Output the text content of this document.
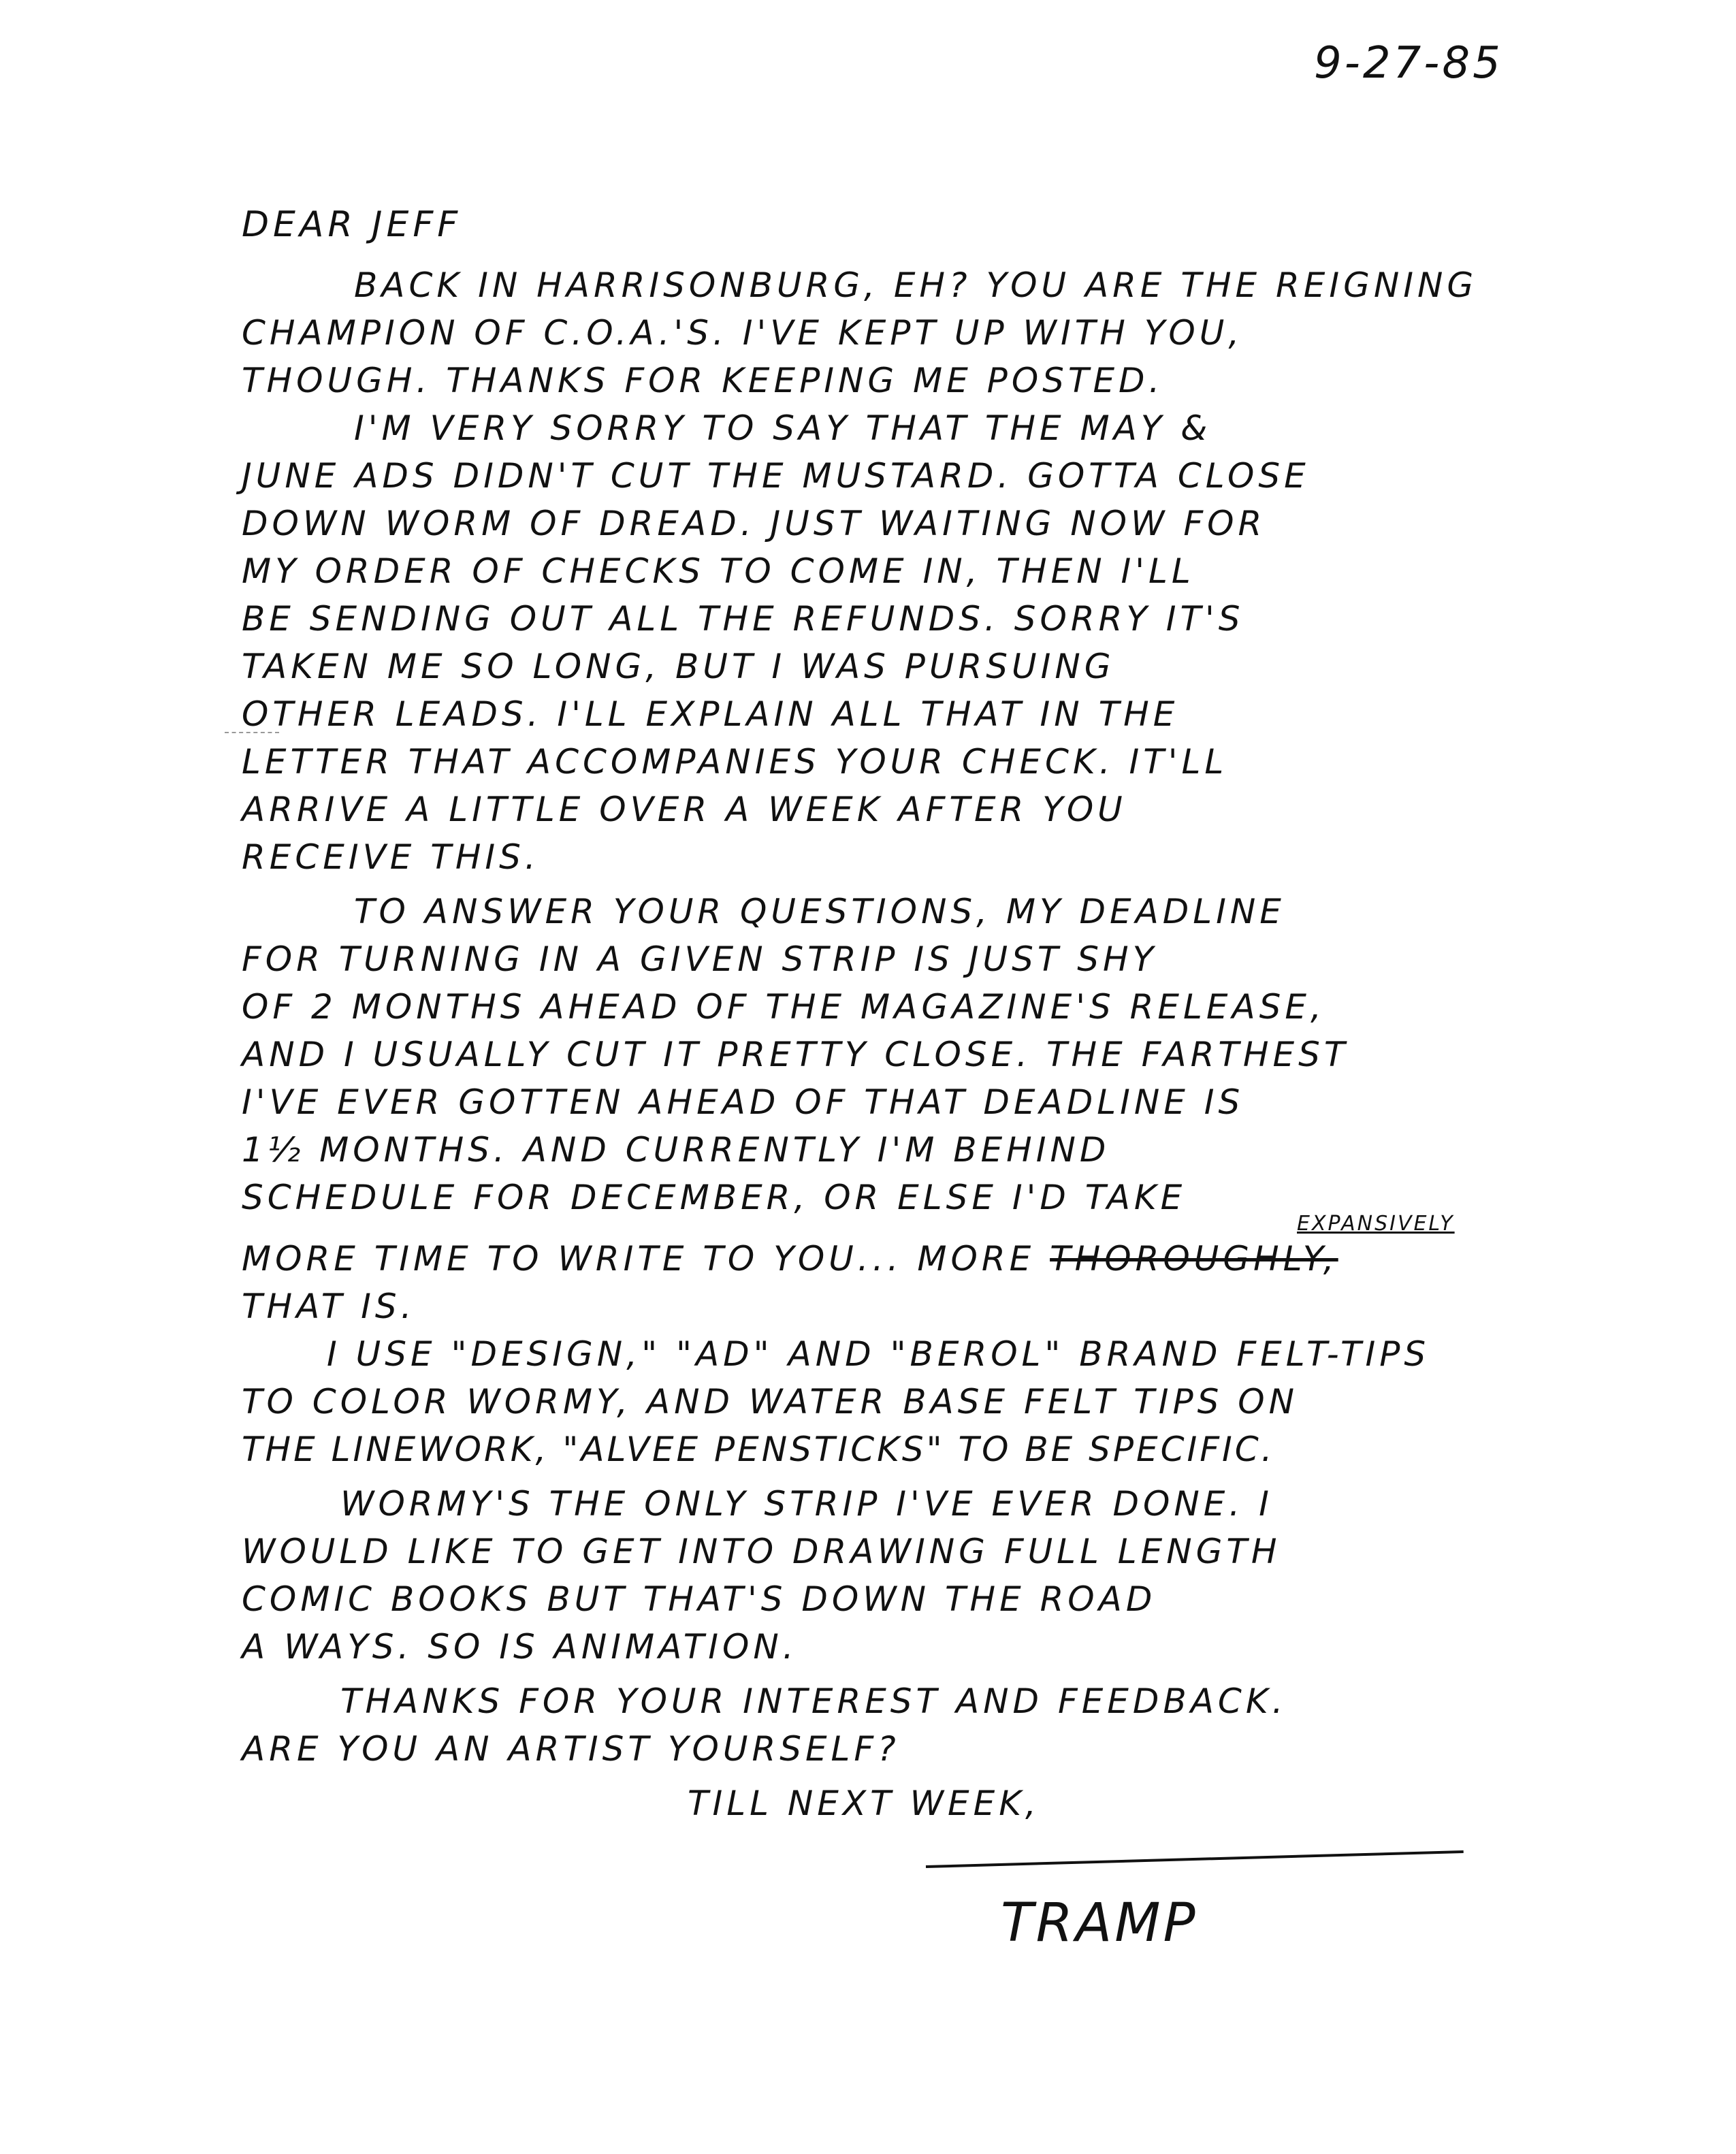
9-27-85
DEAR JEFF
BACK IN HARRISONBURG, EH? YOU ARE THE REIGNING
CHAMPION OF C.O.A.'S. I'VE KEPT UP WITH YOU,
THOUGH. THANKS FOR KEEPING ME POSTED.
I'M VERY SORRY TO SAY THAT THE MAY &
JUNE ADS DIDN'T CUT THE MUSTARD. GOTTA CLOSE
DOWN WORM OF DREAD. JUST WAITING NOW FOR
MY ORDER OF CHECKS TO COME IN, THEN I'LL
BE SENDING OUT ALL THE REFUNDS. SORRY IT'S
TAKEN ME SO LONG, BUT I WAS PURSUING
OTHER LEADS. I'LL EXPLAIN ALL THAT IN THE
LETTER THAT ACCOMPANIES YOUR CHECK. IT'LL
ARRIVE A LITTLE OVER A WEEK AFTER YOU
RECEIVE THIS.
TO ANSWER YOUR QUESTIONS, MY DEADLINE
FOR TURNING IN A GIVEN STRIP IS JUST SHY
OF 2 MONTHS AHEAD OF THE MAGAZINE'S RELEASE,
AND I USUALLY CUT IT PRETTY CLOSE. THE FARTHEST
I'VE EVER GOTTEN AHEAD OF THAT DEADLINE IS
1½ MONTHS. AND CURRENTLY I'M BEHIND
SCHEDULE FOR DECEMBER, OR ELSE I'D TAKE
EXPANSIVELY
MORE TIME TO WRITE TO YOU... MORE THOROUGHLY,
THAT IS.
I USE "DESIGN," "AD" AND "BEROL" BRAND FELT-TIPS
TO COLOR WORMY, AND WATER BASE FELT TIPS ON
THE LINEWORK, "ALVEE PENSTICKS" TO BE SPECIFIC.
WORMY'S THE ONLY STRIP I'VE EVER DONE. I
WOULD LIKE TO GET INTO DRAWING FULL LENGTH
COMIC BOOKS BUT THAT'S DOWN THE ROAD
A WAYS. SO IS ANIMATION.
THANKS FOR YOUR INTEREST AND FEEDBACK.
ARE YOU AN ARTIST YOURSELF?
TILL NEXT WEEK,
TRAMP
